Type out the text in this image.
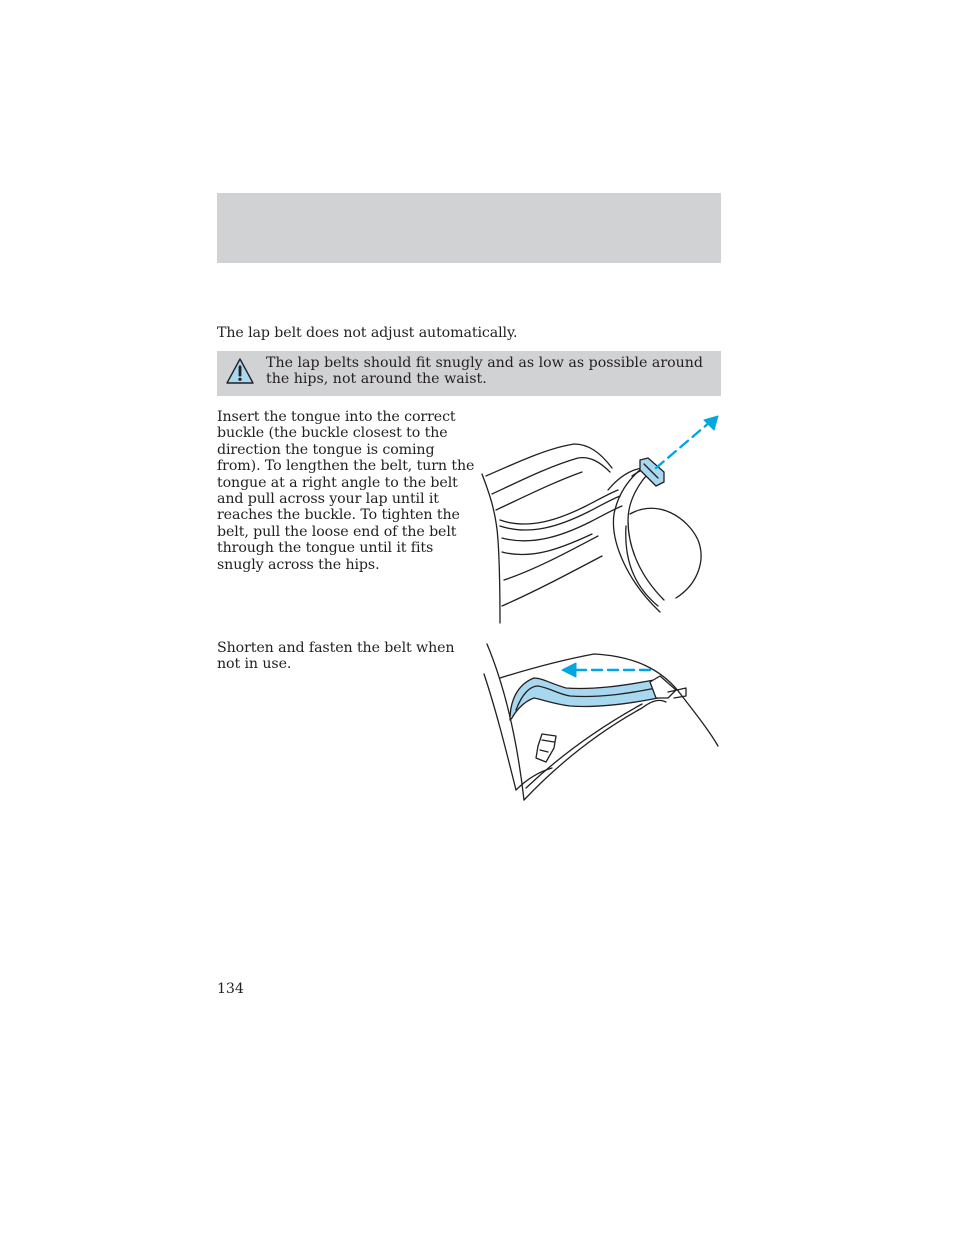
The lap belt does not adjust automatically.
The lap belts should fit snugly and as low as possible around the hips, not around the waist.
Insert the tongue into the correct buckle (the buckle closest to the direction the tongue is coming from). To lengthen the belt, turn the tongue at a right angle to the belt and pull across your lap until it reaches the buckle. To tighten the belt, pull the loose end of the belt through the tongue until it fits snugly across the hips.
Shorten and fasten the belt when not in use.
134
